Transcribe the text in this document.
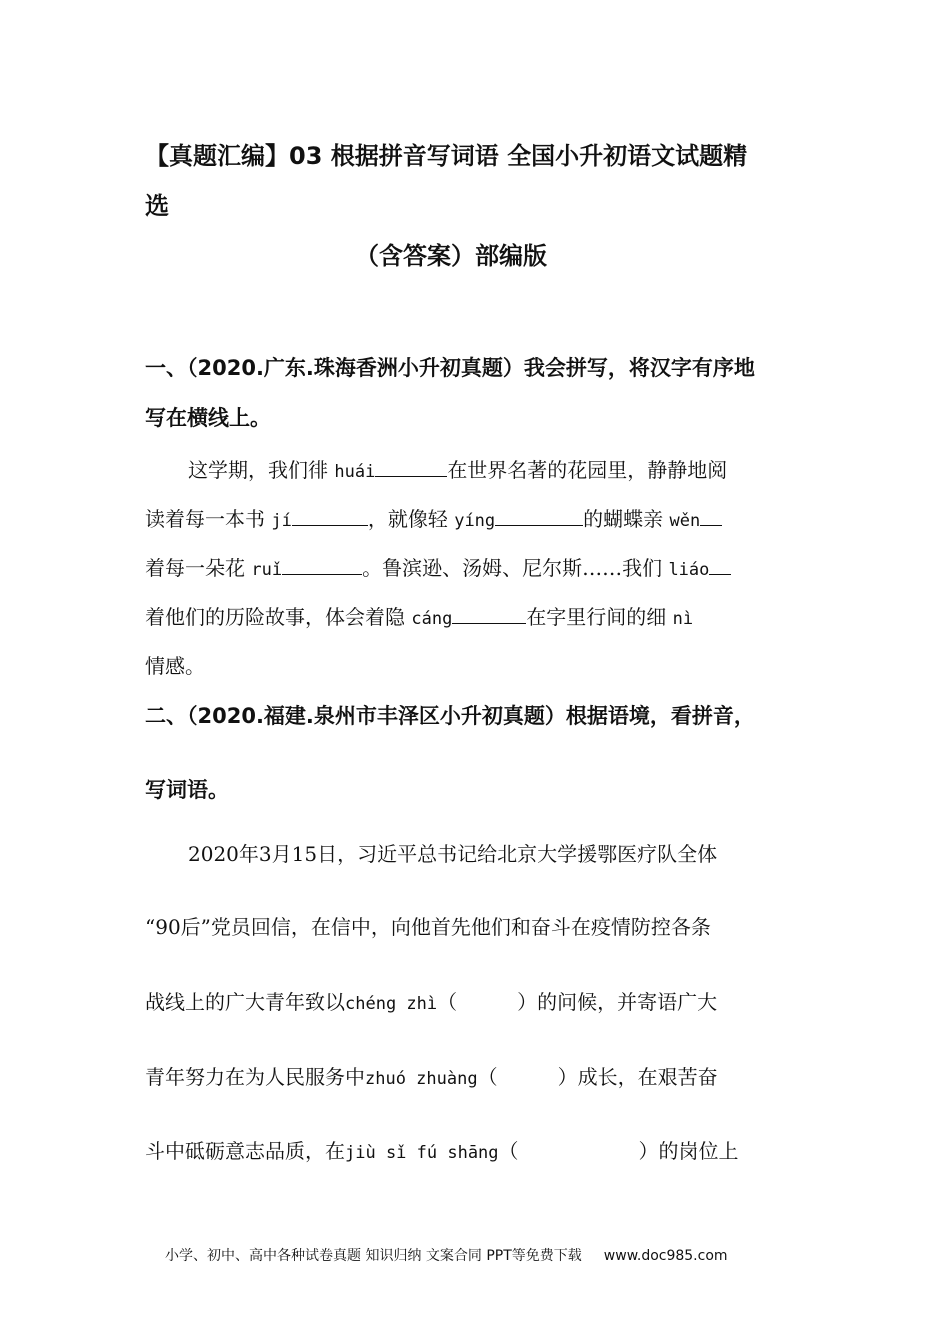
【真题汇编】03 根据拼音写词语 全国小升初语文试题精
选
（含答案）部编版
一、（2020.广东.珠海香洲小升初真题）我会拼写，将汉字有序地
写在横线上。
这学期，我们徘 huái	在世界名著的花园里，静静地阅
读着每一本书 jí	，就像轻 yíng	的蝴蝶亲 wěn
着每一朵花 ruǐ	。鲁滨逊、汤姆、尼尔斯……我们 liáo
着他们的历险故事，体会着隐 cáng	在字里行间的细 nì
情感。
二、（2020.福建.泉州市丰泽区小升初真题）根据语境，看拼音，
写词语。
2020年3月15日，习近平总书记给北京大学援鄂医疗队全体
“90后”党员回信，在信中，向他首先他们和奋斗在疫情防控各条
战线上的广大青年致以chéng zhì（　　　）的问候，并寄语广大
青年努力在为人民服务中zhuó zhuàng（　　　）成长，在艰苦奋
斗中砥砺意志品质，在jiù sǐ fú shāng（　　　　　　）的岗位上
小学、初中、高中各种试卷真题 知识归纳 文案合同 PPT等免费下载 www.doc985.com
